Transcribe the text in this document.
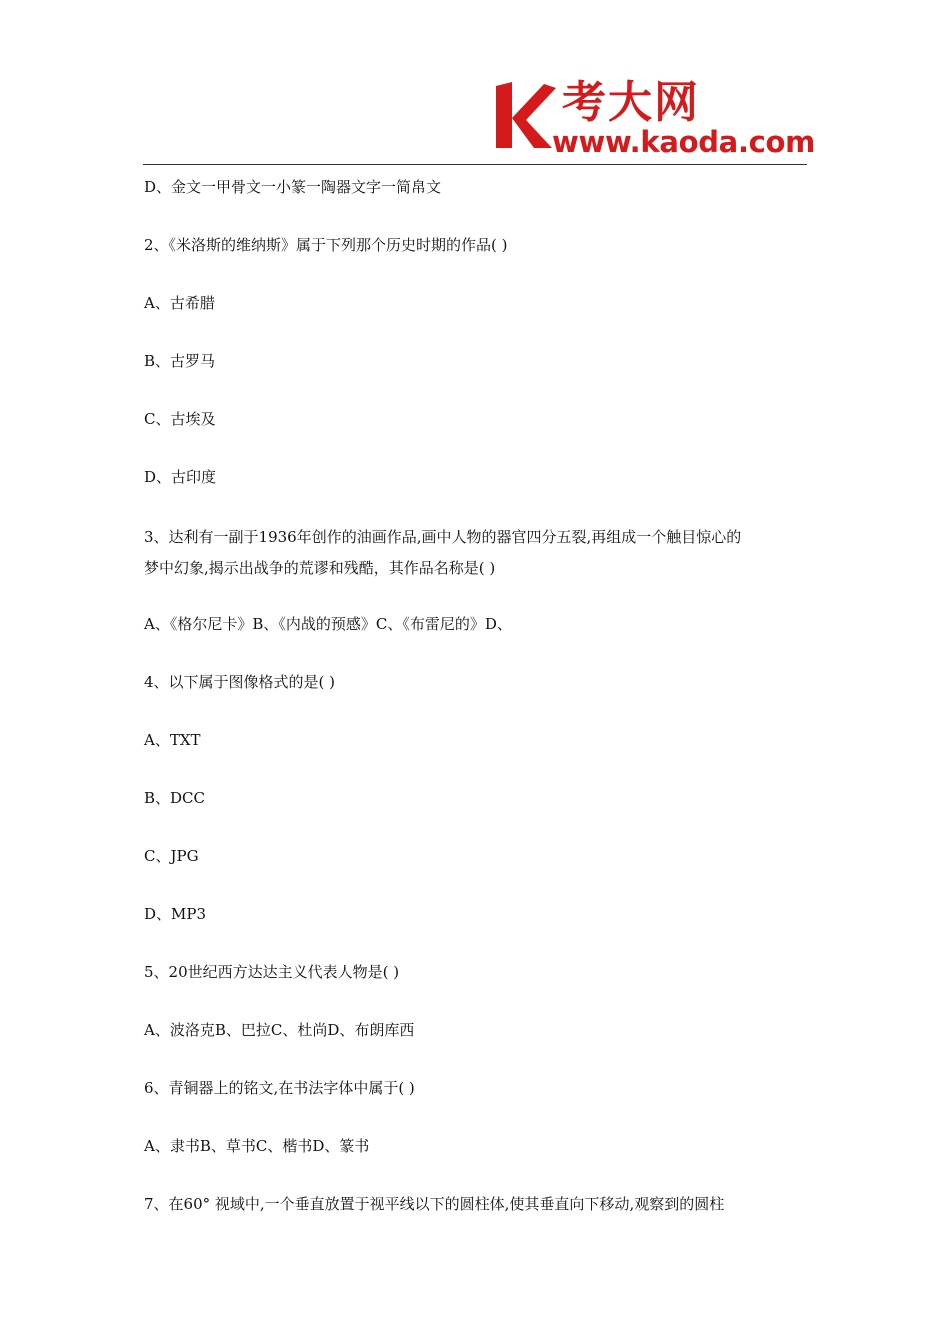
考大网
www.kaoda.com
D、金文一甲骨文一小篆一陶器文字一简帛文
2、《米洛斯的维纳斯》属于下列那个历史时期的作品( )
A、古希腊
B、古罗马
C、古埃及
D、古印度
3、达利有一副于1936年创作的油画作品,画中人物的器官四分五裂,再组成一个触目惊心的
梦中幻象,揭示出战争的荒谬和残酷，其作品名称是( )
A、《格尔尼卡》B、《内战的预感》C、《布雷尼的》D、
4、以下属于图像格式的是( )
A、TXT
B、DCC
C、JPG
D、MP3
5、20世纪西方达达主义代表人物是( )
A、波洛克B、巴拉C、杜尚D、布朗库西
6、青铜器上的铭文,在书法字体中属于( )
A、隶书B、草书C、楷书D、篆书
7、在60° 视域中,一个垂直放置于视平线以下的圆柱体,使其垂直向下移动,观察到的圆柱
